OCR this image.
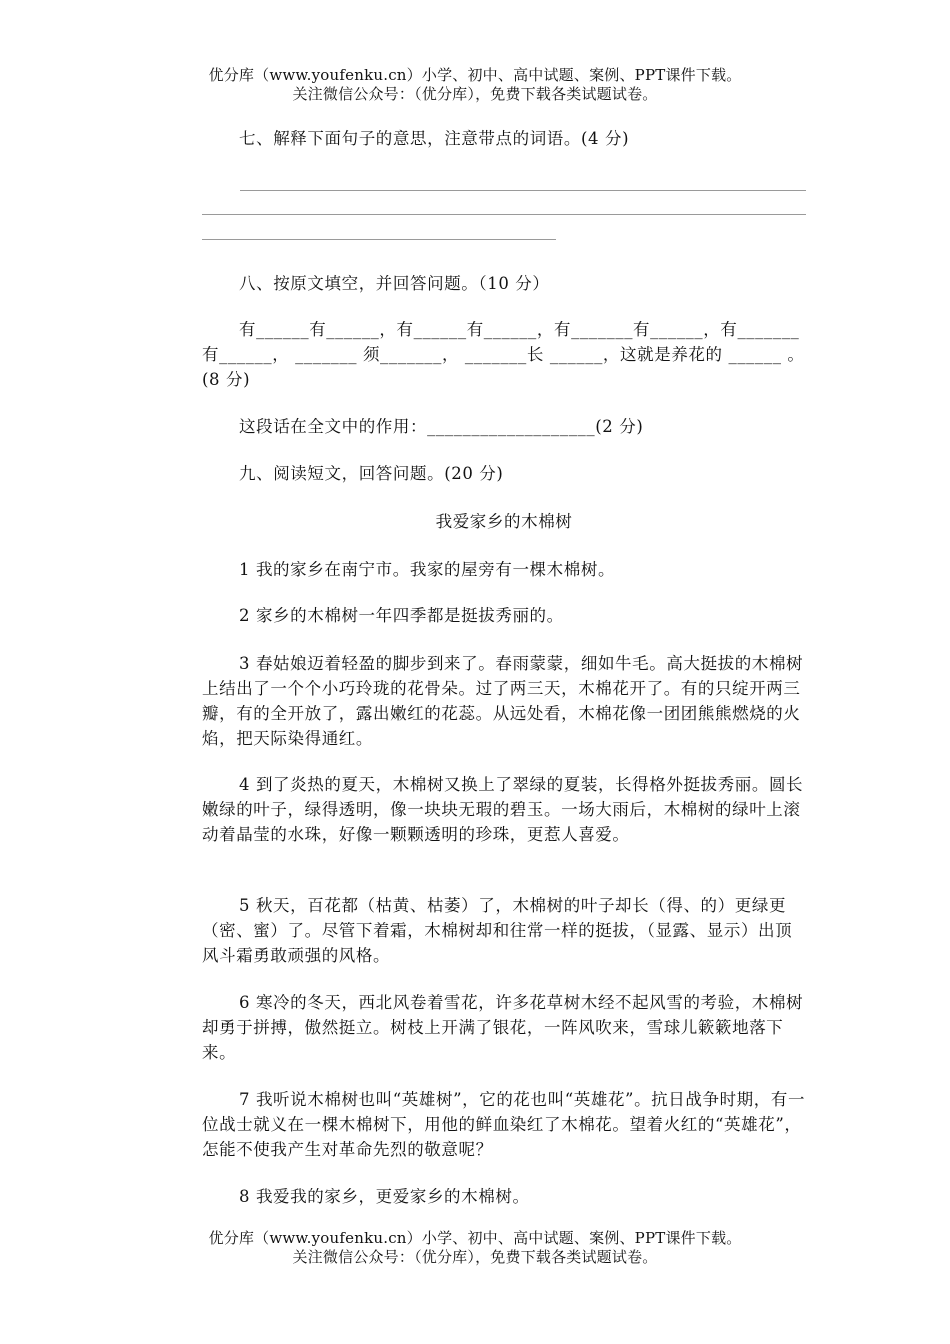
优分库（www.youfenku.cn）小学、初中、高中试题、案例、PPT课件下载。
关注微信公众号：（优分库），免费下载各类试题试卷。
七、解释下面句子的意思，注意带点的词语。(4 分)
八、按原文填空，并回答问题。（10 分）
有______有______，有______有______，有_______有______，有_______有______， _______ 须_______， _______长 ______，这就是养花的 ______ 。(8 分)
这段话在全文中的作用：___________________(2 分)
九、阅读短文，回答问题。(20 分)
我爱家乡的木棉树
1 我的家乡在南宁市。我家的屋旁有一棵木棉树。
2 家乡的木棉树一年四季都是挺拔秀丽的。
3 春姑娘迈着轻盈的脚步到来了。春雨蒙蒙，细如牛毛。高大挺拔的木棉树上结出了一个个小巧玲珑的花骨朵。过了两三天，木棉花开了。有的只绽开两三瓣，有的全开放了，露出嫩红的花蕊。从远处看，木棉花像一团团熊熊燃烧的火焰，把天际染得通红。
4 到了炎热的夏天，木棉树又换上了翠绿的夏装，长得格外挺拔秀丽。圆长嫩绿的叶子，绿得透明，像一块块无瑕的碧玉。一场大雨后，木棉树的绿叶上滚动着晶莹的水珠，好像一颗颗透明的珍珠，更惹人喜爱。
5 秋天，百花都（枯黄、枯萎）了，木棉树的叶子却长（得、的）更绿更（密、蜜）了。尽管下着霜，木棉树却和往常一样的挺拔，（显露、显示）出顶风斗霜勇敢顽强的风格。
6 寒冷的冬天，西北风卷着雪花，许多花草树木经不起风雪的考验，木棉树却勇于拼搏，傲然挺立。树枝上开满了银花，一阵风吹来，雪球儿簌簌地落下来。
7 我听说木棉树也叫“英雄树”，它的花也叫“英雄花”。抗日战争时期，有一位战士就义在一棵木棉树下，用他的鲜血染红了木棉花。望着火红的“英雄花”，怎能不使我产生对革命先烈的敬意呢？
8 我爱我的家乡，更爱家乡的木棉树。
优分库（www.youfenku.cn）小学、初中、高中试题、案例、PPT课件下载。
关注微信公众号：（优分库），免费下载各类试题试卷。
